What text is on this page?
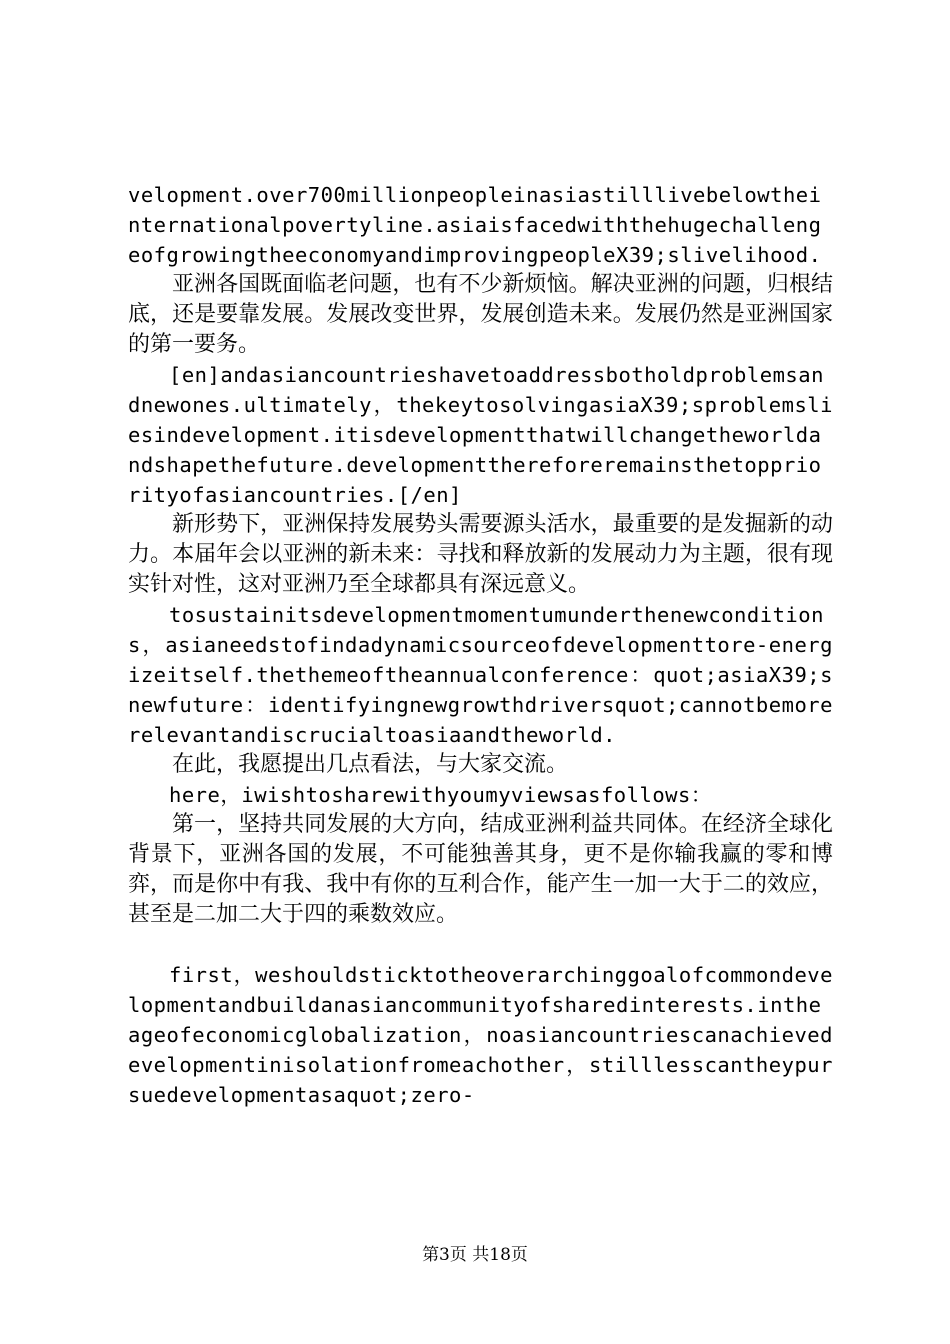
velopment.over700millionpeopleinasiastilllivebelowtheinternationalpovertyline.asiaisfacedwiththehugechallengeofgrowingtheeconomyandimprovingpeopleX39;slivelihood.

亚洲各国既面临老问题，也有不少新烦恼。解决亚洲的问题，归根结底，还是要靠发展。发展改变世界，发展创造未来。发展仍然是亚洲国家的第一要务。

[en]andasiancountrieshavetoaddressbotholdproblemsandnewones.ultimately，thekeytosolvingasiaX39;sproblemsliesindevelopment.itisdevelopmentthatwillchangetheworldandshapethefuture.developmentthereforeremainsthetoppriorityofasiancountries.[/en]

新形势下，亚洲保持发展势头需要源头活水，最重要的是发掘新的动力。本届年会以亚洲的新未来：寻找和释放新的发展动力为主题，很有现实针对性，这对亚洲乃至全球都具有深远意义。

tosustainitsdevelopmentmomentumunderthenewconditions，asianeedstofindadynamicsourceofdevelopmenttore-energizeitself.thethemeoftheannualconference：quot;asiaX39;snewfuture：identifyingnewgrowthdriversquot;cannotbemorerelevantandiscrucialtoasiaandtheworld.

在此，我愿提出几点看法，与大家交流。

here，iwishtosharewithyoumyviewsasfollows：

第一，坚持共同发展的大方向，结成亚洲利益共同体。在经济全球化背景下，亚洲各国的发展，不可能独善其身，更不是你输我赢的零和博弈，而是你中有我、我中有你的互利合作，能产生一加一大于二的效应，甚至是二加二大于四的乘数效应。

first，weshouldsticktotheoverarchinggoalofcommondevelopmentandbuildanasiancommunityofsharedinterests.intheageofeconomicglobalization，noasiancountriescanachievedevelopmentinisolationfromeachother，stilllesscantheypursuedevelopmentasaquot;zero-

第3页 共18页
